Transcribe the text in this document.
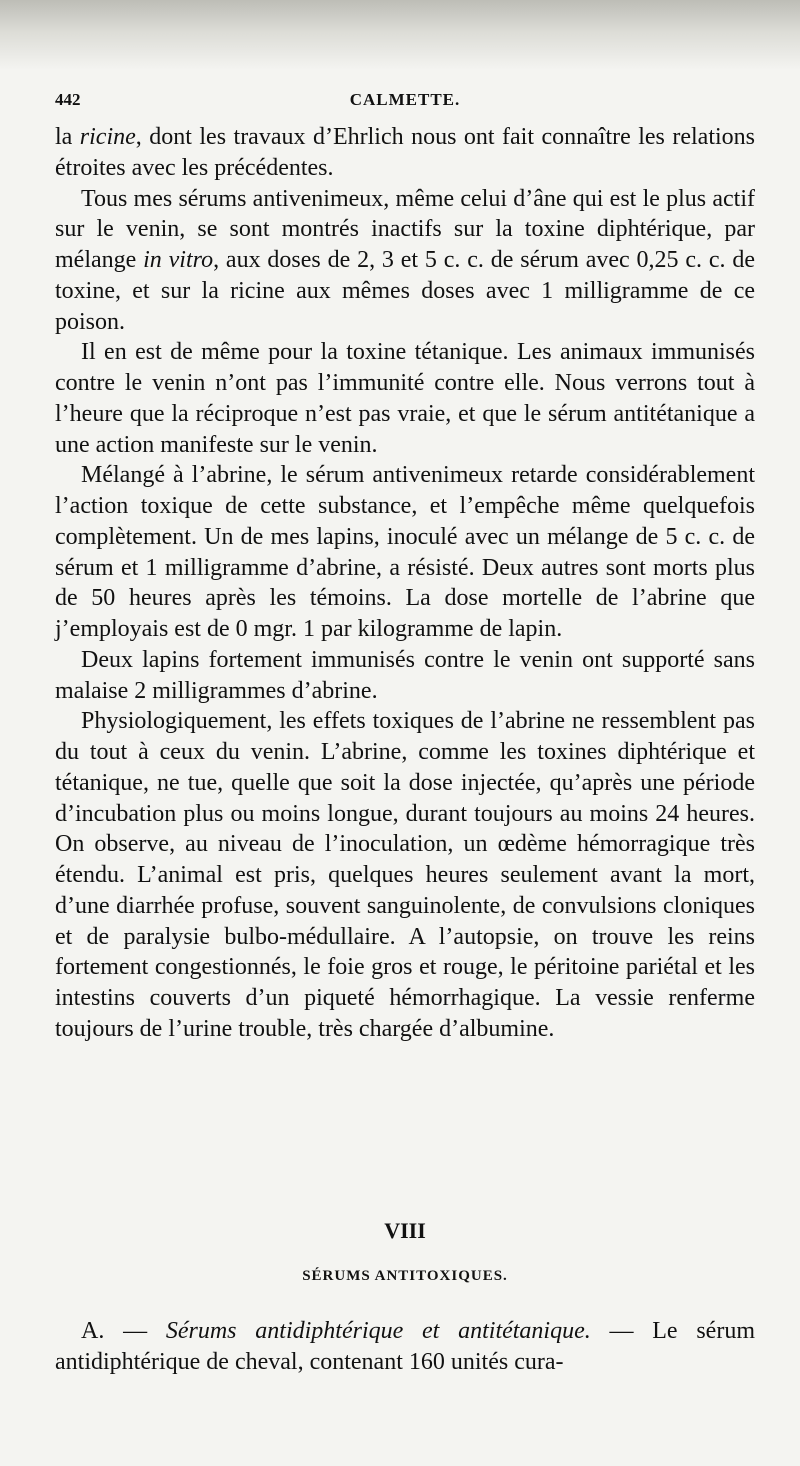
442	CALMETTE.

la ricine, dont les travaux d’Ehrlich nous ont fait connaître les relations étroites avec les précédentes.

Tous mes sérums antivenimeux, même celui d’âne qui est le plus actif sur le venin, se sont montrés inactifs sur la toxine diphtérique, par mélange in vitro, aux doses de 2, 3 et 5 c. c. de sérum avec 0,25 c. c. de toxine, et sur la ricine aux mêmes doses avec 1 milligramme de ce poison.

Il en est de même pour la toxine tétanique. Les animaux immunisés contre le venin n’ont pas l’immunité contre elle. Nous verrons tout à l’heure que la réciproque n’est pas vraie, et que le sérum antitétanique a une action manifeste sur le venin.

Mélangé à l’abrine, le sérum antivenimeux retarde considérablement l’action toxique de cette substance, et l’empêche même quelquefois complètement. Un de mes lapins, inoculé avec un mélange de 5 c. c. de sérum et 1 milligramme d’abrine, a résisté. Deux autres sont morts plus de 50 heures après les témoins. La dose mortelle de l’abrine que j’employais est de 0 mgr. 1 par kilogramme de lapin.

Deux lapins fortement immunisés contre le venin ont supporté sans malaise 2 milligrammes d’abrine.

Physiologiquement, les effets toxiques de l’abrine ne ressemblent pas du tout à ceux du venin. L’abrine, comme les toxines diphtérique et tétanique, ne tue, quelle que soit la dose injectée, qu’après une période d’incubation plus ou moins longue, durant toujours au moins 24 heures. On observe, au niveau de l’inoculation, un œdème hémorragique très étendu. L’animal est pris, quelques heures seulement avant la mort, d’une diarrhée profuse, souvent sanguinolente, de convulsions cloniques et de paralysie bulbo-médullaire. A l’autopsie, on trouve les reins fortement congestionnés, le foie gros et rouge, le péritoine pariétal et les intestins couverts d’un piqueté hémorrhagique. La vessie renferme toujours de l’urine trouble, très chargée d’albumine.

VIII
SÉRUMS ANTITOXIQUES.

A. — Sérums antidiphtérique et antitétanique. — Le sérum antidiphtérique de cheval, contenant 160 unités cura-
